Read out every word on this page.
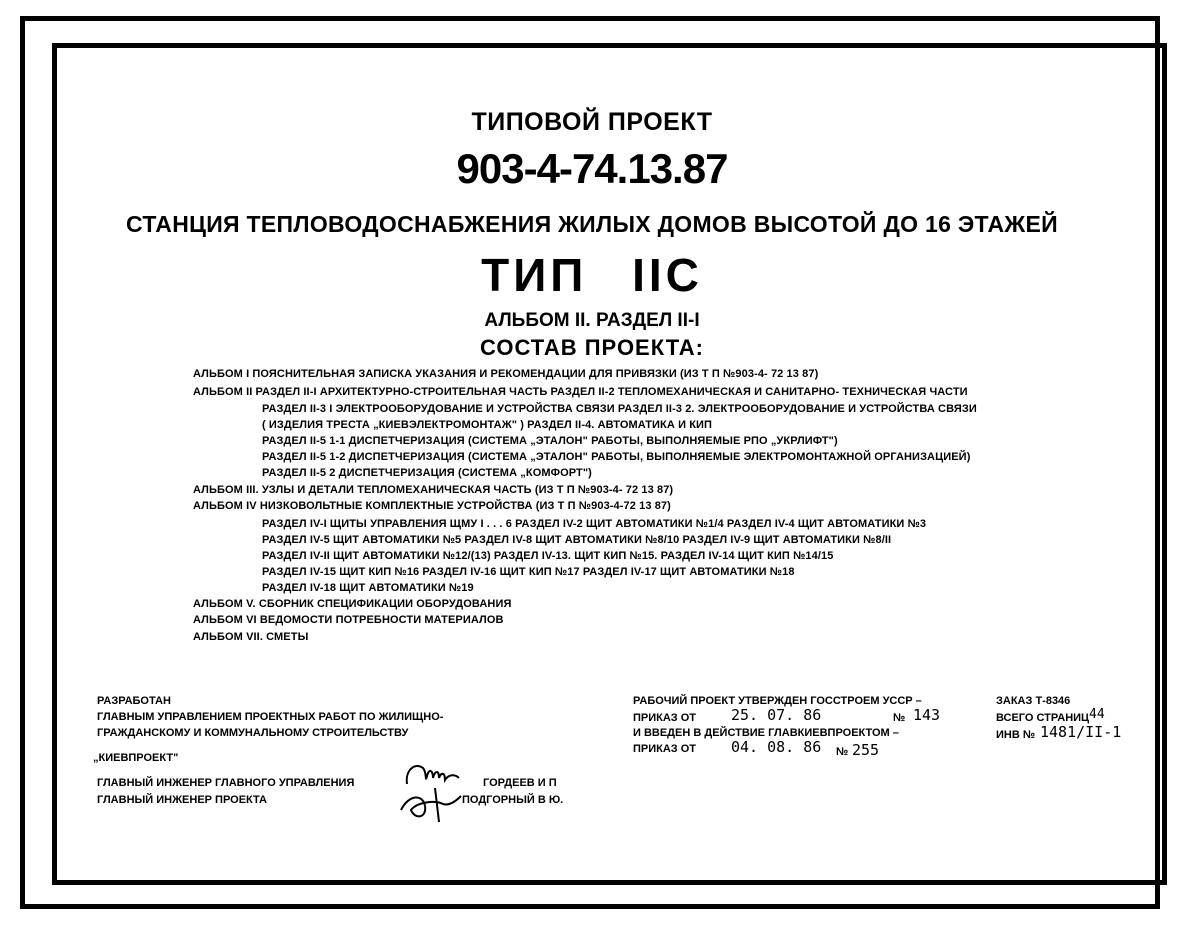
ТИПОВОЙ ПРОЕКТ
903-4-74.13.87
СТАНЦИЯ ТЕПЛОВОДОСНАБЖЕНИЯ ЖИЛЫХ ДОМОВ ВЫСОТОЙ ДО 16 ЭТАЖЕЙ
ТИП IIС
АЛЬБОМ II. РАЗДЕЛ II-I
СОСТАВ ПРОЕКТА:
АЛЬБОМ I ПОЯСНИТЕЛЬНАЯ ЗАПИСКА УКАЗАНИЯ И РЕКОМЕНДАЦИИ ДЛЯ ПРИВЯЗКИ (ИЗ Т П №903-4- 72 13 87)
АЛЬБОМ II РАЗДЕЛ II-I АРХИТЕКТУРНО-СТРОИТЕЛЬНАЯ ЧАСТЬ РАЗДЕЛ II-2 ТЕПЛОМЕХАНИЧЕСКАЯ И САНИТАРНО- ТЕХНИЧЕСКАЯ ЧАСТИ
РАЗДЕЛ II-3 I ЭЛЕКТРООБОРУДОВАНИЕ И УСТРОЙСТВА СВЯЗИ РАЗДЕЛ II-3 2. ЭЛЕКТРООБОРУДОВАНИЕ И УСТРОЙСТВА СВЯЗИ
( ИЗДЕЛИЯ ТРЕСТА „КИЕВЭЛЕКТРОМОНТАЖ" ) РАЗДЕЛ II-4. АВТОМАТИКА И КИП
РАЗДЕЛ II-5 1-1 ДИСПЕТЧЕРИЗАЦИЯ (СИСТЕМА „ЭТАЛОН" РАБОТЫ, ВЫПОЛНЯЕМЫЕ РПО „УКРЛИФТ")
РАЗДЕЛ II-5 1-2 ДИСПЕТЧЕРИЗАЦИЯ (СИСТЕМА „ЭТАЛОН" РАБОТЫ, ВЫПОЛНЯЕМЫЕ ЭЛЕКТРОМОНТАЖНОЙ ОРГАНИЗАЦИЕЙ)
РАЗДЕЛ II-5 2 ДИСПЕТЧЕРИЗАЦИЯ (СИСТЕМА „КОМФОРТ")
АЛЬБОМ III. УЗЛЫ И ДЕТАЛИ ТЕПЛОМЕХАНИЧЕСКАЯ ЧАСТЬ (ИЗ Т П №903-4- 72 13 87)
АЛЬБОМ IV НИЗКОВОЛЬТНЫЕ КОМПЛЕКТНЫЕ УСТРОЙСТВА (ИЗ Т П №903-4-72 13 87)
РАЗДЕЛ IV-I ЩИТЫ УПРАВЛЕНИЯ ЩМУ I . . . 6 РАЗДЕЛ IV-2 ЩИТ АВТОМАТИКИ №1/4 РАЗДЕЛ IV-4 ЩИТ АВТОМАТИКИ №3
РАЗДЕЛ IV-5 ЩИТ АВТОМАТИКИ №5 РАЗДЕЛ IV-8 ЩИТ АВТОМАТИКИ №8/10 РАЗДЕЛ IV-9 ЩИТ АВТОМАТИКИ №8/II
РАЗДЕЛ IV-II ЩИТ АВТОМАТИКИ №12/(13) РАЗДЕЛ IV-13. ЩИТ КИП №15. РАЗДЕЛ IV-14 ЩИТ КИП №14/15
РАЗДЕЛ IV-15 ЩИТ КИП №16 РАЗДЕЛ IV-16 ЩИТ КИП №17 РАЗДЕЛ IV-17 ЩИТ АВТОМАТИКИ №18
РАЗДЕЛ IV-18 ЩИТ АВТОМАТИКИ №19
АЛЬБОМ V. СБОРНИК СПЕЦИФИКАЦИИ ОБОРУДОВАНИЯ
АЛЬБОМ VI ВЕДОМОСТИ ПОТРЕБНОСТИ МАТЕРИАЛОВ
АЛЬБОМ VII. СМЕТЫ
РАЗРАБОТАН
ГЛАВНЫМ УПРАВЛЕНИЕМ ПРОЕКТНЫХ РАБОТ ПО ЖИЛИЩНО-
ГРАЖДАНСКОМУ И КОММУНАЛЬНОМУ СТРОИТЕЛЬСТВУ
„КИЕВПРОЕКТ"
ГЛАВНЫЙ ИНЖЕНЕР ГЛАВНОГО УПРАВЛЕНИЯ
ГЛАВНЫЙ ИНЖЕНЕР ПРОЕКТА
ГОРДЕЕВ И П
ПОДГОРНЫЙ В Ю.
РАБОЧИЙ ПРОЕКТ УТВЕРЖДЕН ГОССТРОЕМ УССР –
ПРИКАЗ ОТ 25. 07. 86	№ 143
И ВВЕДЕН В ДЕЙСТВИЕ ГЛАВКИЕВПРОЕКТОМ –
ПРИКАЗ ОТ 04. 08. 86 № 255
ЗАКАЗ Т-8346
ВСЕГО СТРАНИЦ 44
ИНВ № 1481/II-1
